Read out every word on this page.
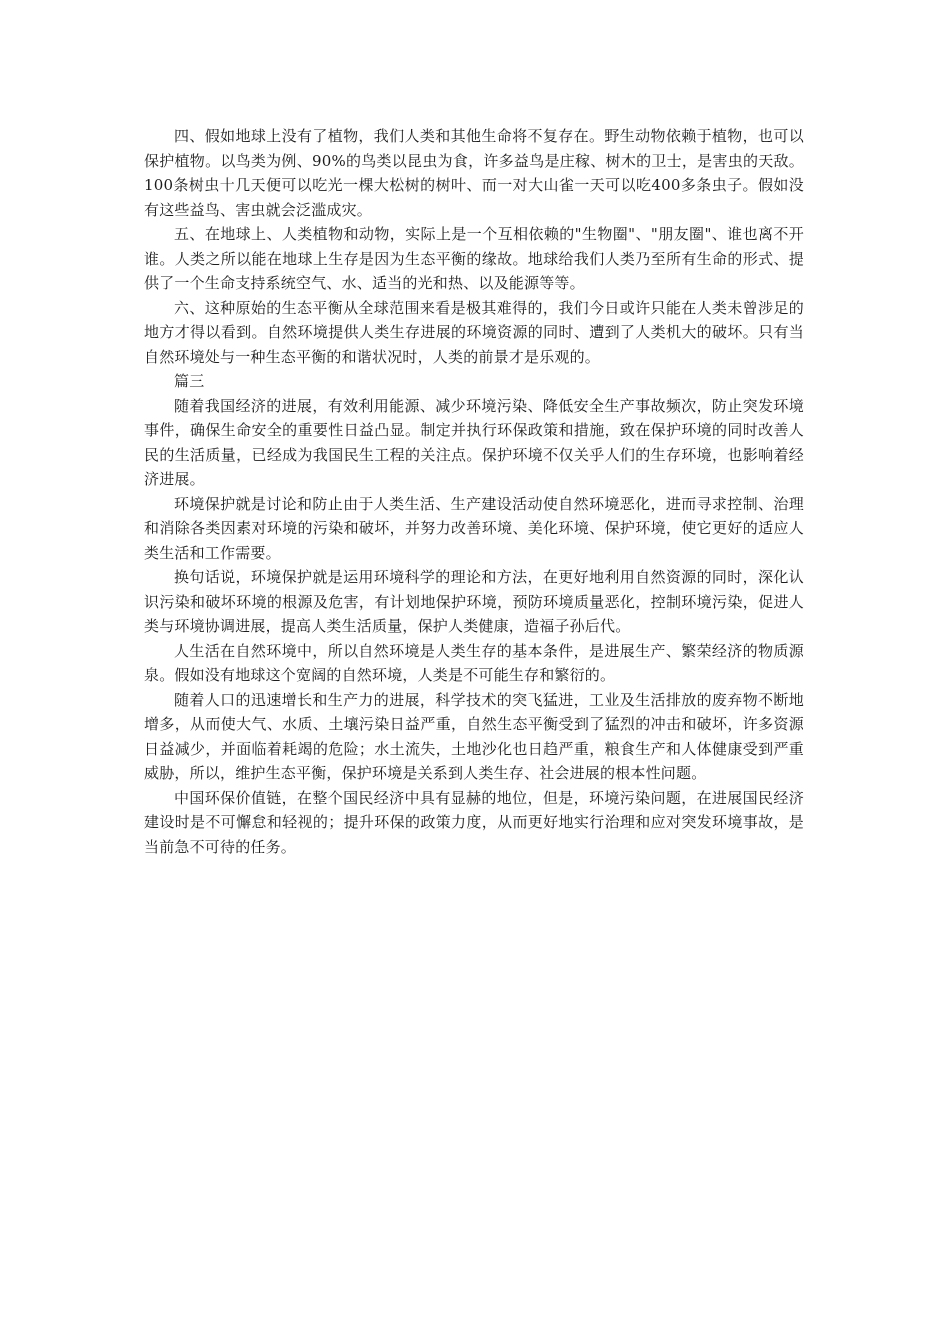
四、假如地球上没有了植物，我们人类和其他生命将不复存在。野生动物依赖于植物，也可以保护植物。以鸟类为例、90%的鸟类以昆虫为食，许多益鸟是庄稼、树木的卫士，是害虫的天敌。100条树虫十几天便可以吃光一棵大松树的树叶、而一对大山雀一天可以吃400多条虫子。假如没有这些益鸟、害虫就会泛滥成灾。

五、在地球上、人类植物和动物，实际上是一个互相依赖的"生物圈"、"朋友圈"、谁也离不开谁。人类之所以能在地球上生存是因为生态平衡的缘故。地球给我们人类乃至所有生命的形式、提供了一个生命支持系统空气、水、适当的光和热、以及能源等等。

六、这种原始的生态平衡从全球范围来看是极其难得的，我们今日或许只能在人类未曾涉足的地方才得以看到。自然环境提供人类生存进展的环境资源的同时、遭到了人类机大的破坏。只有当自然环境处与一种生态平衡的和谐状况时，人类的前景才是乐观的。

篇三

随着我国经济的进展，有效利用能源、减少环境污染、降低安全生产事故频次，防止突发环境事件，确保生命安全的重要性日益凸显。制定并执行环保政策和措施，致在保护环境的同时改善人民的生活质量，已经成为我国民生工程的关注点。保护环境不仅关乎人们的生存环境，也影响着经济进展。

环境保护就是讨论和防止由于人类生活、生产建设活动使自然环境恶化，进而寻求控制、治理和消除各类因素对环境的污染和破坏，并努力改善环境、美化环境、保护环境，使它更好的适应人类生活和工作需要。

换句话说，环境保护就是运用环境科学的理论和方法，在更好地利用自然资源的同时，深化认识污染和破坏环境的根源及危害，有计划地保护环境，预防环境质量恶化，控制环境污染，促进人类与环境协调进展，提高人类生活质量，保护人类健康，造福子孙后代。

人生活在自然环境中，所以自然环境是人类生存的基本条件，是进展生产、繁荣经济的物质源泉。假如没有地球这个宽阔的自然环境，人类是不可能生存和繁衍的。

随着人口的迅速增长和生产力的进展，科学技术的突飞猛进，工业及生活排放的废弃物不断地增多，从而使大气、水质、土壤污染日益严重，自然生态平衡受到了猛烈的冲击和破坏，许多资源日益减少，并面临着耗竭的危险；水土流失，土地沙化也日趋严重，粮食生产和人体健康受到严重威胁，所以，维护生态平衡，保护环境是关系到人类生存、社会进展的根本性问题。

中国环保价值链，在整个国民经济中具有显赫的地位，但是，环境污染问题，在进展国民经济建设时是不可懈怠和轻视的；提升环保的政策力度，从而更好地实行治理和应对突发环境事故，是当前急不可待的任务。
